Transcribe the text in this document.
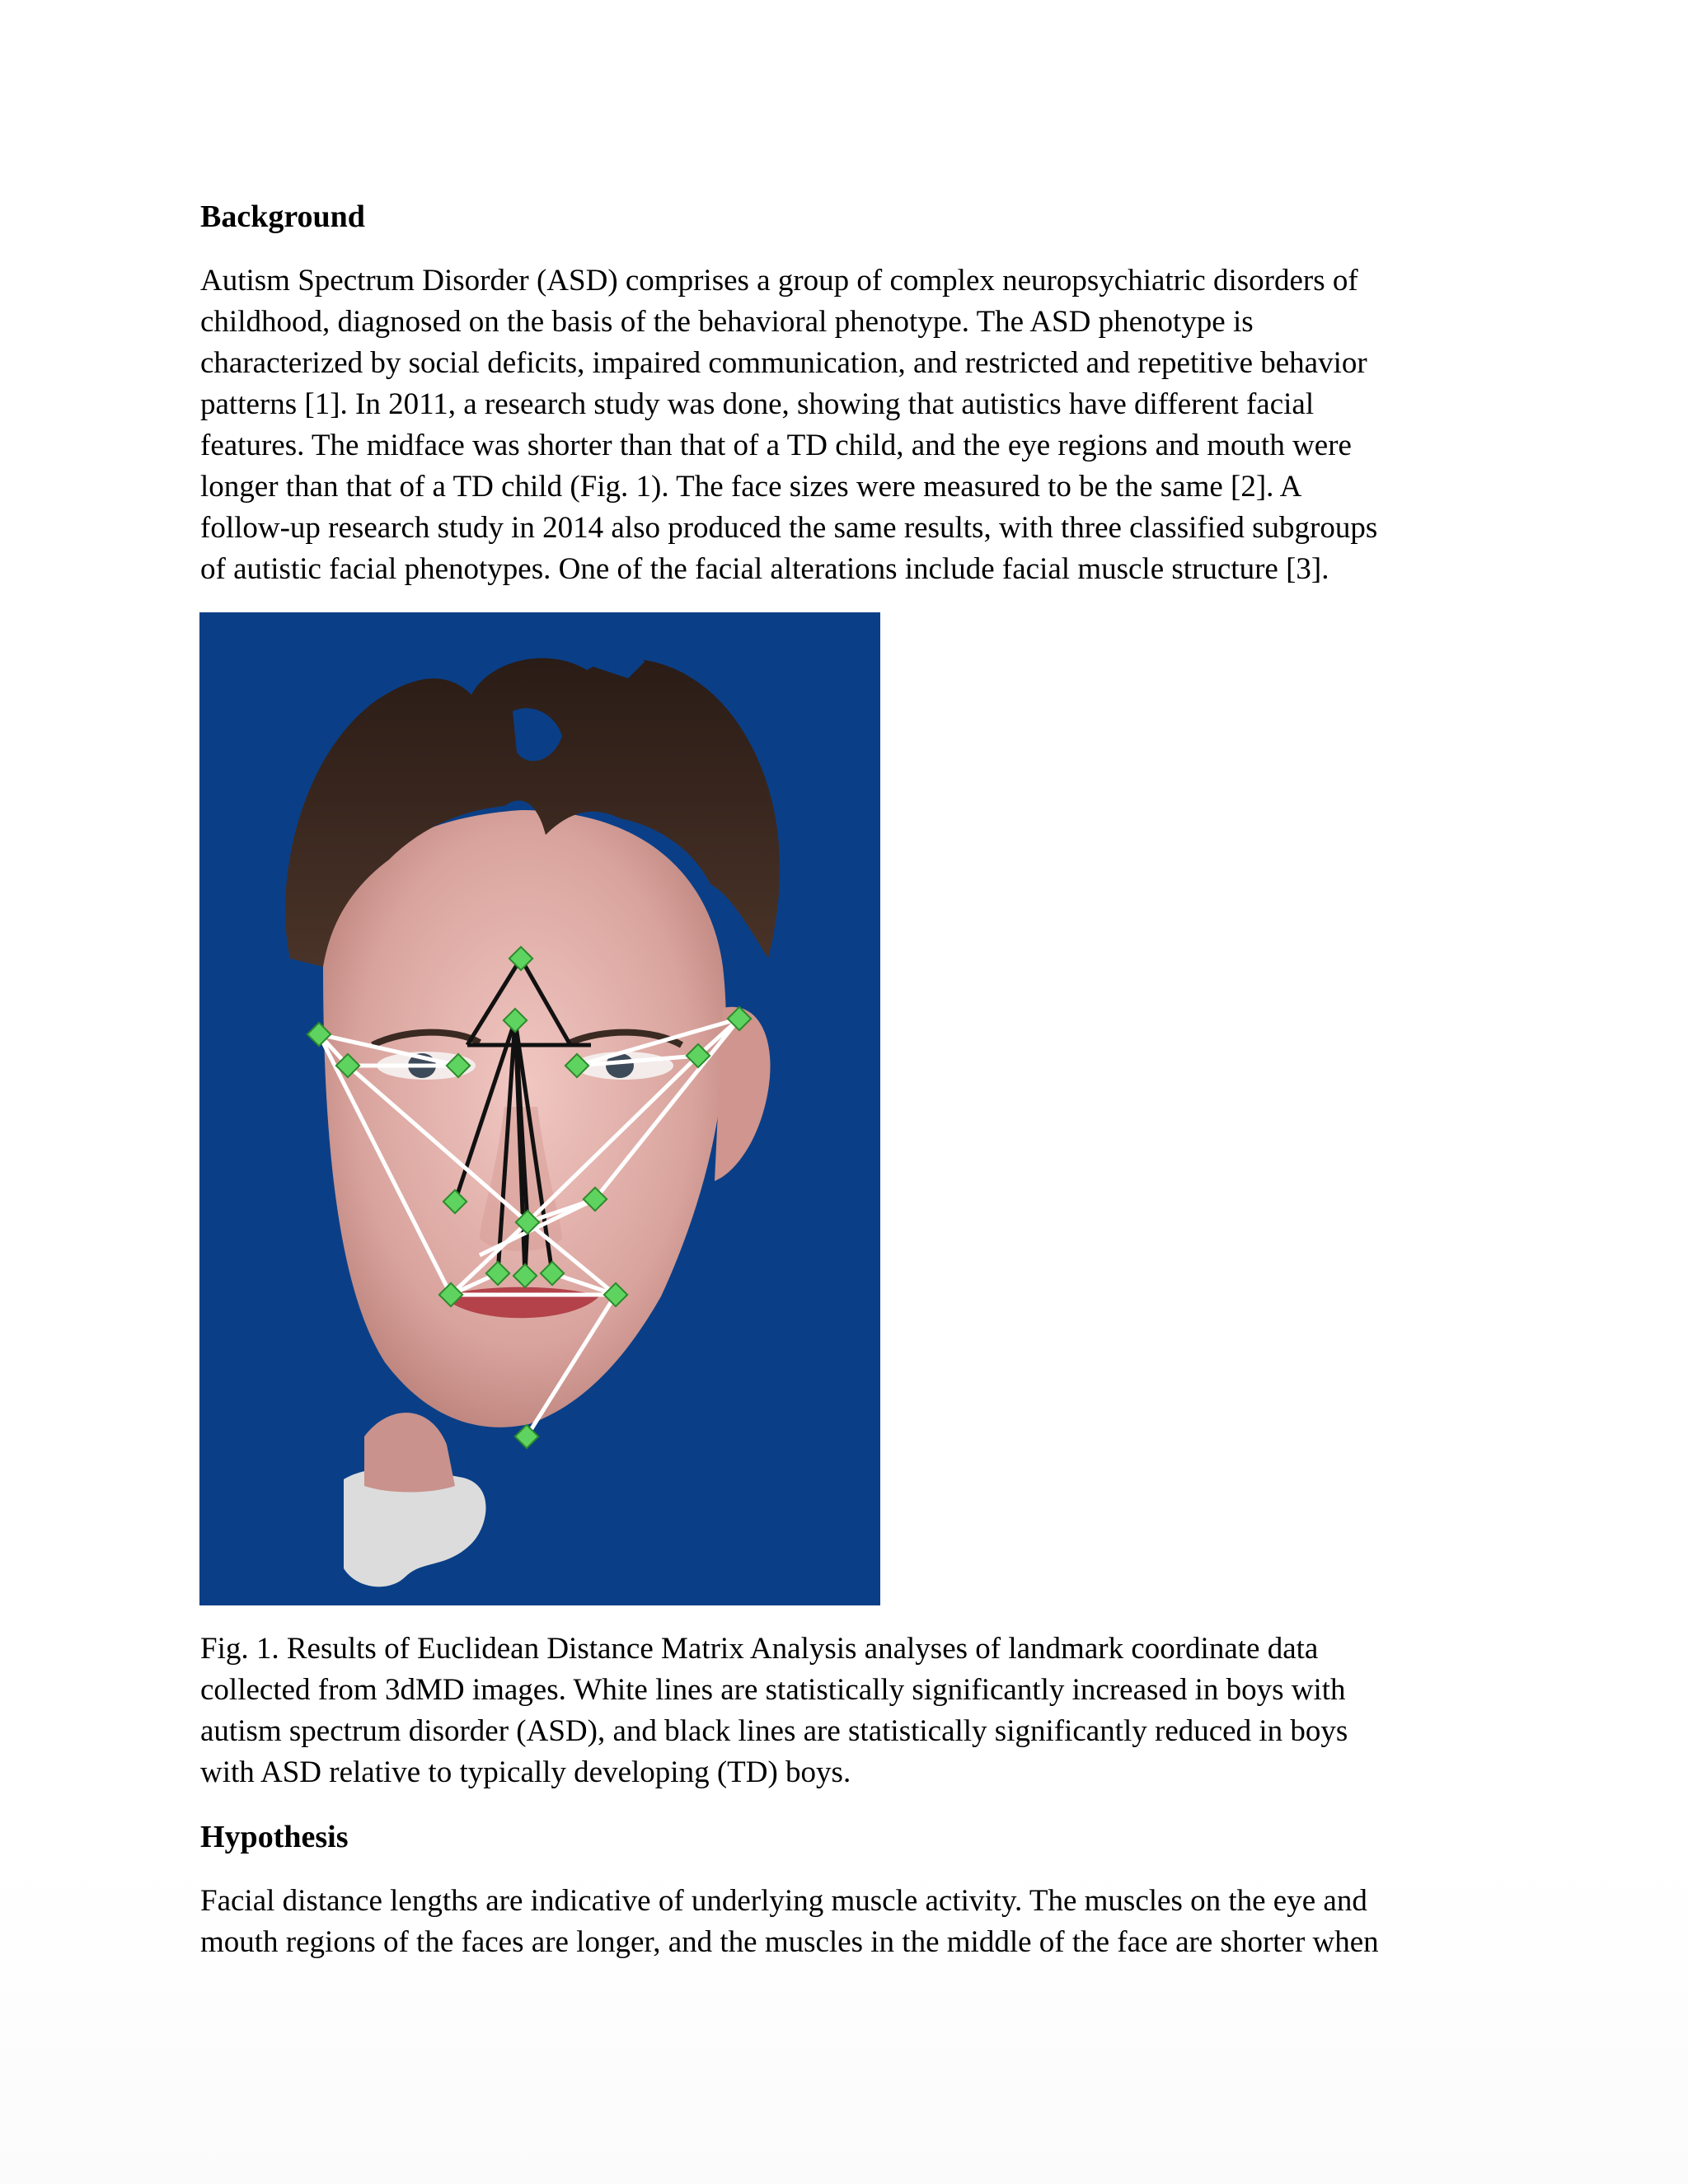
Background

Autism Spectrum Disorder (ASD) comprises a group of complex neuropsychiatric disorders of
childhood, diagnosed on the basis of the behavioral phenotype. The ASD phenotype is
characterized by social deficits, impaired communication, and restricted and repetitive behavior
patterns [1]. In 2011, a research study was done, showing that autistics have different facial
features. The midface was shorter than that of a TD child, and the eye regions and mouth were
longer than that of a TD child (Fig. 1). The face sizes were measured to be the same [2]. A
follow-up research study in 2014 also produced the same results, with three classified subgroups
of autistic facial phenotypes. One of the facial alterations include facial muscle structure [3].

Fig. 1. Results of Euclidean Distance Matrix Analysis analyses of landmark coordinate data
collected from 3dMD images. White lines are statistically significantly increased in boys with
autism spectrum disorder (ASD), and black lines are statistically significantly reduced in boys
with ASD relative to typically developing (TD) boys.

Hypothesis

Facial distance lengths are indicative of underlying muscle activity. The muscles on the eye and
mouth regions of the faces are longer, and the muscles in the middle of the face are shorter when
